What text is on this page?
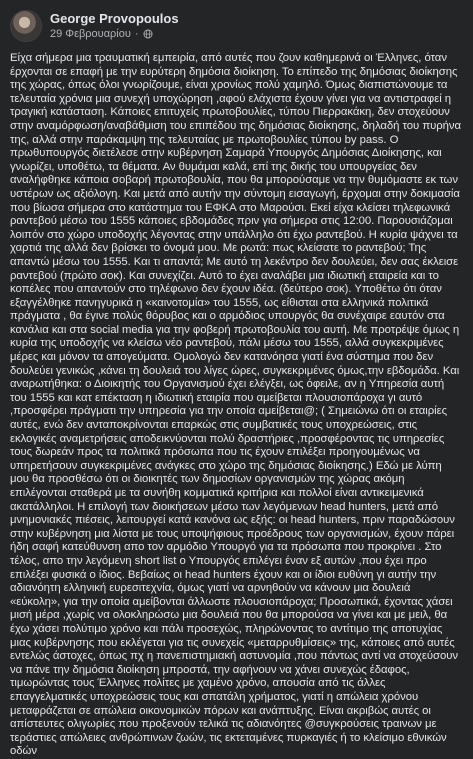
George Provopoulos
29 Φεβρουαρίου ·
Είχα σήμερα μια τραυματική εμπειρία, από αυτές που ζουν καθημερινά οι Έλληνες, όταν έρχονται σε επαφή με την ευρύτερη δημόσια διοίκηση. Το επίπεδο της δημόσιας διοίκησης της χώρας, όπως όλοι γνωρίζουμε, είναι χρονίως πολύ χαμηλό. Όμως διαπιστώνουμε τα τελευταία χρόνια μια συνεχή υποχώρηση ,αφού ελάχιστα έχουν γίνει για να αντιστραφεί η τραγική κατάσταση. Κάποιες επιτυχείς πρωτοβουλίες, τύπου Πιερρακάκη, δεν στοχεύουν στην αναμόρφωση/αναβάθμιση του επιπέδου της δημόσιας διοίκησης, δηλαδή του πυρήνα της, αλλά στην παράκαμψη της τελευταίας με πρωτοβουλίες τύπου by pass. Ο πρωθυπουργός διετέλεσε στην κυβέρνηση Σαμαρά Υπουργός Δημόσιας Διοίκησης, και γνωρίζει, υποθέτω, τα θέματα. Αν θυμάμαι καλά, επί της δικής του υπουργείας δεν αναλήφθηκε κάποια σοβαρή πρωτοβουλία, που θα μπορούσαμε να την θυμόμαστε εκ των υστέρων ως αξιόλογη. Και μετά από αυτήν την σύντομη εισαγωγή, έρχομαι στην δοκιμασία που βίωσα σήμερα στο κατάστημα του ΕΦΚΑ στο Μαρούσι. Εκεί είχα κλείσει τηλεφωνικά ραντεβού μέσω του 1555 κάποιες εβδομάδες πριν για σήμερα στις 12:00. Παρουσιάζομαι λοιπόν στο χώρο υποδοχής λέγοντας στην υπάλληλο ότι έχω ραντεβού. Η κυρία ψάχνει τα χαρτιά της αλλά δεν βρίσκει το όνομά μου. Με ρωτά: πως κλείσατε το ραντεβού; Της απαντώ μέσω του 1555. Και τι απαντά; Με αυτό τη λεκέντρο δεν δουλεύει, δεν σας έκλεισε ραντεβού (πρώτο σοκ). Και συνεχίζει. Αυτό το έχει αναλάβει μια ιδιωτική εταιρεία και το κοπέλες που απαντούν στο τηλέφωνο δεν έχουν ιδέα. (δεύτερο σοκ). Υποθέτω ότι όταν εξαγγέλθηκε πανηγυρικά η «καινοτομία» του 1555, ως είθισται στα ελληνικά πολιτικά πράγματα , θα έγινε πολύς θόρυβος και ο αρμόδιος υπουργός θα συνέχαιρε εαυτόν στα κανάλια και στα social media για την φοβερή πρωτοβουλία του αυτή. Με προτρέψε όμως η κυρία της υποδοχής να κλείσω νέο ραντεβού, πάλι μέσω του 1555, αλλά συγκεκριμένες μέρες και μόνον τα απογεύματα. Ομολογώ δεν κατανόησα γιατί ένα σύστημα που δεν δουλεύει γενικώς ,κάνει τη δουλειά του λίγες ώρες, συγκεκριμένες όμως,την εβδομάδα. Και αναρωτήθηκα: ο Διοικητής του Οργανισμού έχει ελέγξει, ως όφειλε, αν η Υπηρεσία αυτή του 1555 και κατ επέκταση η ιδιωτική εταιρία που αμείβεται πλουσιοπάροχα γι αυτό ,προσφέρει πράγματι την υπηρεσία για την οποία αμείβεται@; ( Σημειώνω ότι οι εταιρίες αυτές, ενώ δεν ανταποκρίνονται επαρκώς στις συμβατικές τους υποχρεώσεις, στις εκλογικές αναμετρήσεις αποδεικνύονται πολύ δραστήριες ,προσφέροντας τις υπηρεσίες τους δωρεάν προς τα πολιτικά πρόσωπα που τις έχουν επιλέξει προηγουμένως να υπηρετήσουν συγκεκριμένες ανάγκες στο χώρο της δημόσιας διοίκησης.) Εδώ με λύπη μου θα προσθέσω ότι οι διοικητές των δημοσίων οργανισμών της χώρας ακόμη επιλέγονται σταθερά με τα συνήθη κομματικά κριτήρια και πολλοί είναι αντικειμενικά ακατάλληλοι. Η επιλογή των διοικήσεων μέσω των λεγόμενων head hunters, μετά από μνημονιακές πιέσεις, λειτουργεί κατά κανόνα ως εξής: οι head hunters, πριν παραδώσουν στην κυβέρνηση μια λίστα με τους υποψήφιους προέδρους των οργανισμών, έχουν πάρει ήδη σαφή κατεύθυνση απο τον αρμόδιο Υπουργό για τα πρόσωπα που προκρίνει . Στο τέλος, απο την λεγόμενη short list ο Υπουργός επιλέγει έναν εξ αυτών ,που έχει προ επιλέξει φυσικά ο ίδιος. Βεβαίως οι head hunters έχουν και οι ίδιοι ευθύνη γι αυτήν την αδιανόητη ελληνική ευρεσιτεχνία, όμως γιατί να αρνηθούν να κάνουν μια δουλειά «εύκολη», για την οποία αμείβονται άλλωστε πλουσιοπάροχα; Προσωπικά, έχοντας χάσει μισή μέρα ,χωρίς να ολοκληρώσω μια δουλειά που θα μπορούσα να γίνει και με μειλ, θα έχω χάσει πολύτιμο χρόνο και πάλι προσεχώς, πληρώνοντας το αντίτιμο της αποτυχίας μιας κυβέρνησης που εκλέγεται για τις συνεχείς «μεταρρυθμίσεις» της, κάποιες από αυτές εντελώς άστοχες, όπως πχ η πανεπιστημιακή αστυνομία ,που πάντως αντί να στοχεύσουν να πάνε την δημόσια διοίκηση μπροστά, την αφήνουν να χάνει συνεχώς έδαφος, τιμωρώντας τους Έλληνες πολίτες με χαμένο χρόνο, απουσία από τις άλλες επαγγελματικές υποχρεώσεις τους και σπατάλη χρήματος, γιατί η απώλεια χρόνου μεταφράζεται σε απώλεια οικονομικών πόρων και ανάπτυξης. Είναι ακριβώς αυτές οι απίστευτες ολιγωρίες που προξενούν τελικά τις αδιανόητες @συγκρούσεις τραινων με τεράστιες απώλειες ανθρώπινων ζωών, τις εκτεταμένες πυρκαγιές ή το κλείσιμο εθνικών οδών
